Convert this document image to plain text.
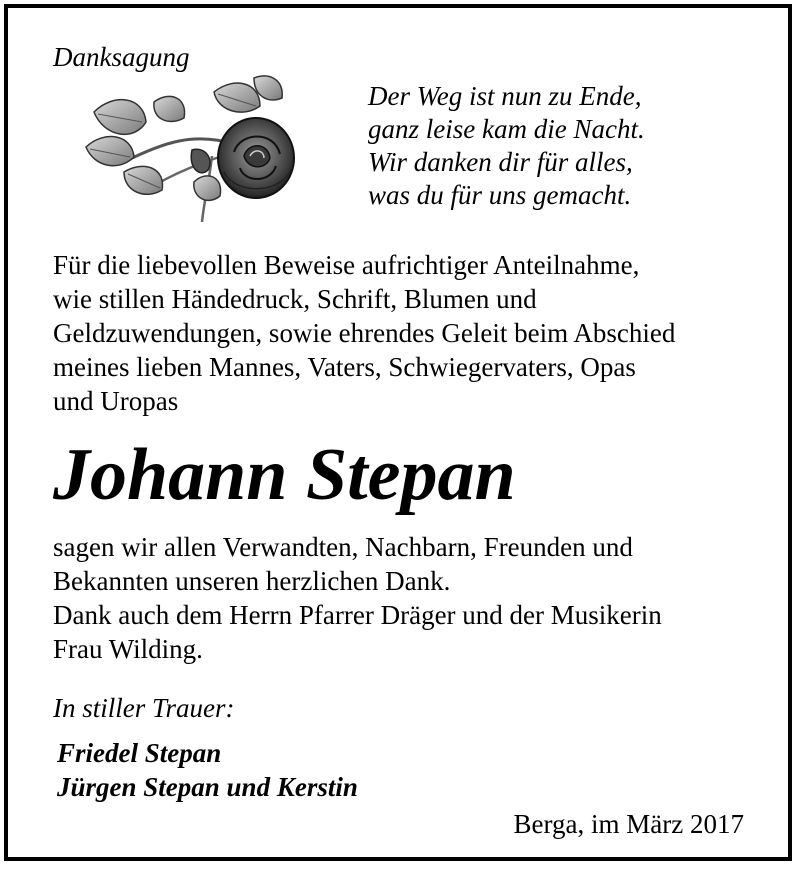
Danksagung
Der Weg ist nun zu Ende,
ganz leise kam die Nacht.
Wir danken dir für alles,
was du für uns gemacht.
Für die liebevollen Beweise aufrichtiger Anteilnahme,
wie stillen Händedruck, Schrift, Blumen und
Geldzuwendungen, sowie ehrendes Geleit beim Abschied
meines lieben Mannes, Vaters, Schwiegervaters, Opas
und Uropas
Johann Stepan
sagen wir allen Verwandten, Nachbarn, Freunden und
Bekannten unseren herzlichen Dank.
Dank auch dem Herrn Pfarrer Dräger und der Musikerin
Frau Wilding.
In stiller Trauer:
Friedel Stepan
Jürgen Stepan und Kerstin
Berga, im März 2017
